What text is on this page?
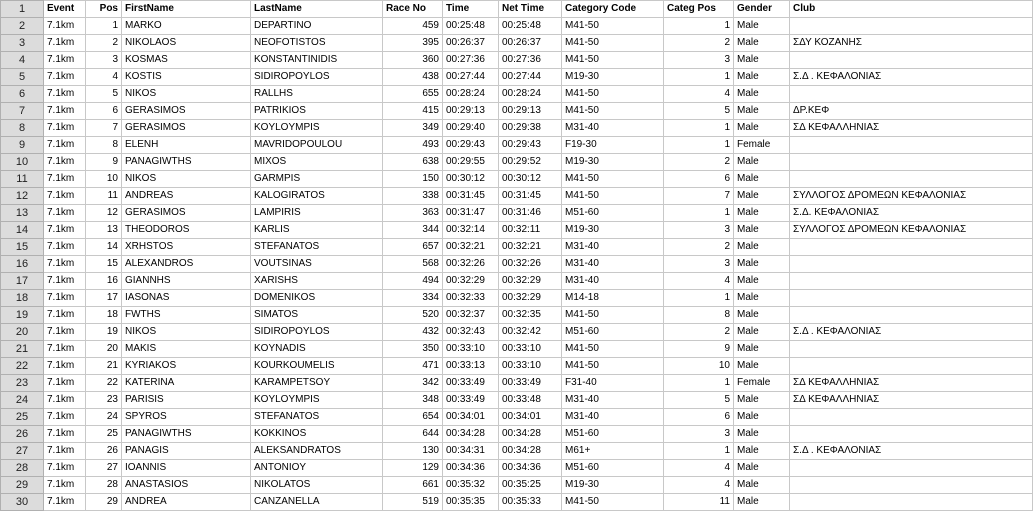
1	Event	Pos	FirstName	LastName	Race No	Time	Net Time	Category Code	Categ Pos	Gender	Club
2	7.1km	1	MARKO	DEPARTINO	459	00:25:48	00:25:48	M41-50	1	Male	
3	7.1km	2	NIKOLAOS	NEOFOTISTOS	395	00:26:37	00:26:37	M41-50	2	Male	ΣΔΥ ΚΟΖΑΝΗΣ
4	7.1km	3	KOSMAS	KONSTANTINIDIS	360	00:27:36	00:27:36	M41-50	3	Male	
5	7.1km	4	KOSTIS	SIDIROPOYLOS	438	00:27:44	00:27:44	M19-30	1	Male	Σ.Δ . ΚΕΦΑΛΟΝΙΑΣ
6	7.1km	5	NIKOS	RALLHS	655	00:28:24	00:28:24	M41-50	4	Male	
7	7.1km	6	GERASIMOS	PATRIKIOS	415	00:29:13	00:29:13	M41-50	5	Male	ΔΡ.ΚΕΦ
8	7.1km	7	GERASIMOS	KOYLOYMPIS	349	00:29:40	00:29:38	M31-40	1	Male	ΣΔ ΚΕΦΑΛΛΗΝΙΑΣ
9	7.1km	8	ELENH	MAVRIDOPOULOU	493	00:29:43	00:29:43	F19-30	1	Female	
10	7.1km	9	PANAGIWTHS	MIXOS	638	00:29:55	00:29:52	M19-30	2	Male	
11	7.1km	10	NIKOS	GARMPIS	150	00:30:12	00:30:12	M41-50	6	Male	
12	7.1km	11	ANDREAS	KALOGIRATOS	338	00:31:45	00:31:45	M41-50	7	Male	ΣΥΛΛΟΓΟΣ ΔΡΟΜΕΩΝ ΚΕΦΑΛΟΝΙΑΣ
13	7.1km	12	GERASIMOS	LAMPIRIS	363	00:31:47	00:31:46	M51-60	1	Male	Σ.Δ. ΚΕΦΑΛΟΝΙΑΣ
14	7.1km	13	THEODOROS	KARLIS	344	00:32:14	00:32:11	M19-30	3	Male	ΣΥΛΛΟΓΟΣ ΔΡΟΜΕΩΝ ΚΕΦΑΛΟΝΙΑΣ
15	7.1km	14	XRHSTOS	STEFANATOS	657	00:32:21	00:32:21	M31-40	2	Male	
16	7.1km	15	ALEXANDROS	VOUTSINAS	568	00:32:26	00:32:26	M31-40	3	Male	
17	7.1km	16	GIANNHS	XARISHS	494	00:32:29	00:32:29	M31-40	4	Male	
18	7.1km	17	IASONAS	DOMENIKOS	334	00:32:33	00:32:29	M14-18	1	Male	
19	7.1km	18	FWTHS	SIMATOS	520	00:32:37	00:32:35	M41-50	8	Male	
20	7.1km	19	NIKOS	SIDIROPOYLOS	432	00:32:43	00:32:42	M51-60	2	Male	Σ.Δ . ΚΕΦΑΛΟΝΙΑΣ
21	7.1km	20	MAKIS	KOYNADIS	350	00:33:10	00:33:10	M41-50	9	Male	
22	7.1km	21	KYRIAKOS	KOURKOUMELIS	471	00:33:13	00:33:10	M41-50	10	Male	
23	7.1km	22	KATERINA	KARAMPETSOY	342	00:33:49	00:33:49	F31-40	1	Female	ΣΔ ΚΕΦΑΛΛΗΝΙΑΣ
24	7.1km	23	PARISIS	KOYLOYMPIS	348	00:33:49	00:33:48	M31-40	5	Male	ΣΔ ΚΕΦΑΛΛΗΝΙΑΣ
25	7.1km	24	SPYROS	STEFANATOS	654	00:34:01	00:34:01	M31-40	6	Male	
26	7.1km	25	PANAGIWTHS	KOKKINOS	644	00:34:28	00:34:28	M51-60	3	Male	
27	7.1km	26	PANAGIS	ALEKSANDRATOS	130	00:34:31	00:34:28	M61+	1	Male	Σ.Δ . ΚΕΦΑΛΟΝΙΑΣ
28	7.1km	27	IOANNIS	ANTONIOY	129	00:34:36	00:34:36	M51-60	4	Male	
29	7.1km	28	ANASTASIOS	NIKOLATOS	661	00:35:32	00:35:25	M19-30	4	Male	
30	7.1km	29	ANDREA	CANZANELLA	519	00:35:35	00:35:33	M41-50	11	Male	
